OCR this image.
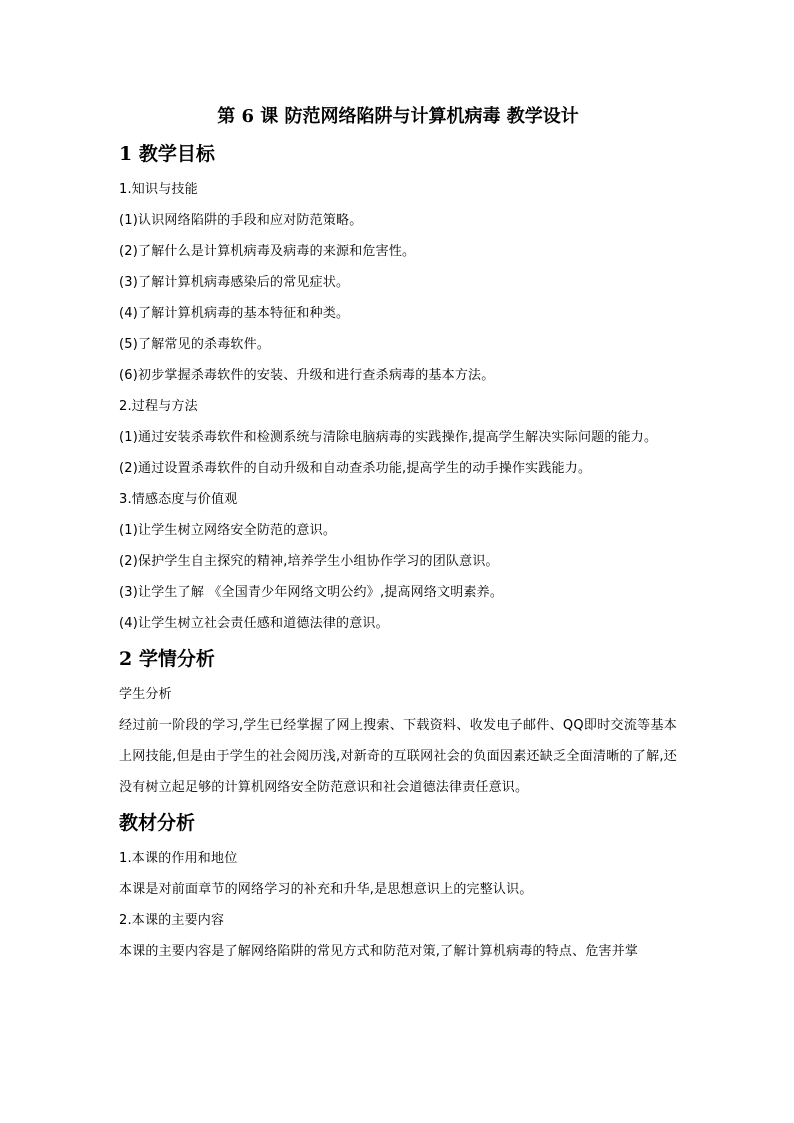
第 6 课 防范网络陷阱与计算机病毒 教学设计
1 教学目标
1.知识与技能
(1)认识网络陷阱的手段和应对防范策略。
(2)了解什么是计算机病毒及病毒的来源和危害性。
(3)了解计算机病毒感染后的常见症状。
(4)了解计算机病毒的基本特征和种类。
(5)了解常见的杀毒软件。
(6)初步掌握杀毒软件的安装、升级和进行查杀病毒的基本方法。
2.过程与方法
(1)通过安装杀毒软件和检测系统与清除电脑病毒的实践操作,提高学生解决实际问题的能力。
(2)通过设置杀毒软件的自动升级和自动查杀功能,提高学生的动手操作实践能力。
3.情感态度与价值观
(1)让学生树立网络安全防范的意识。
(2)保护学生自主探究的精神,培养学生小组协作学习的团队意识。
(3)让学生了解 《全国青少年网络文明公约》,提高网络文明素养。
(4)让学生树立社会责任感和道德法律的意识。
2 学情分析
学生分析
经过前一阶段的学习,学生已经掌握了网上搜索、下载资料、收发电子邮件、QQ即时交流等基本上网技能,但是由于学生的社会阅历浅,对新奇的互联网社会的负面因素还缺乏全面清晰的了解,还没有树立起足够的计算机网络安全防范意识和社会道德法律责任意识。
教材分析
1.本课的作用和地位
本课是对前面章节的网络学习的补充和升华,是思想意识上的完整认识。
2.本课的主要内容
本课的主要内容是了解网络陷阱的常见方式和防范对策,了解计算机病毒的特点、危害并掌
